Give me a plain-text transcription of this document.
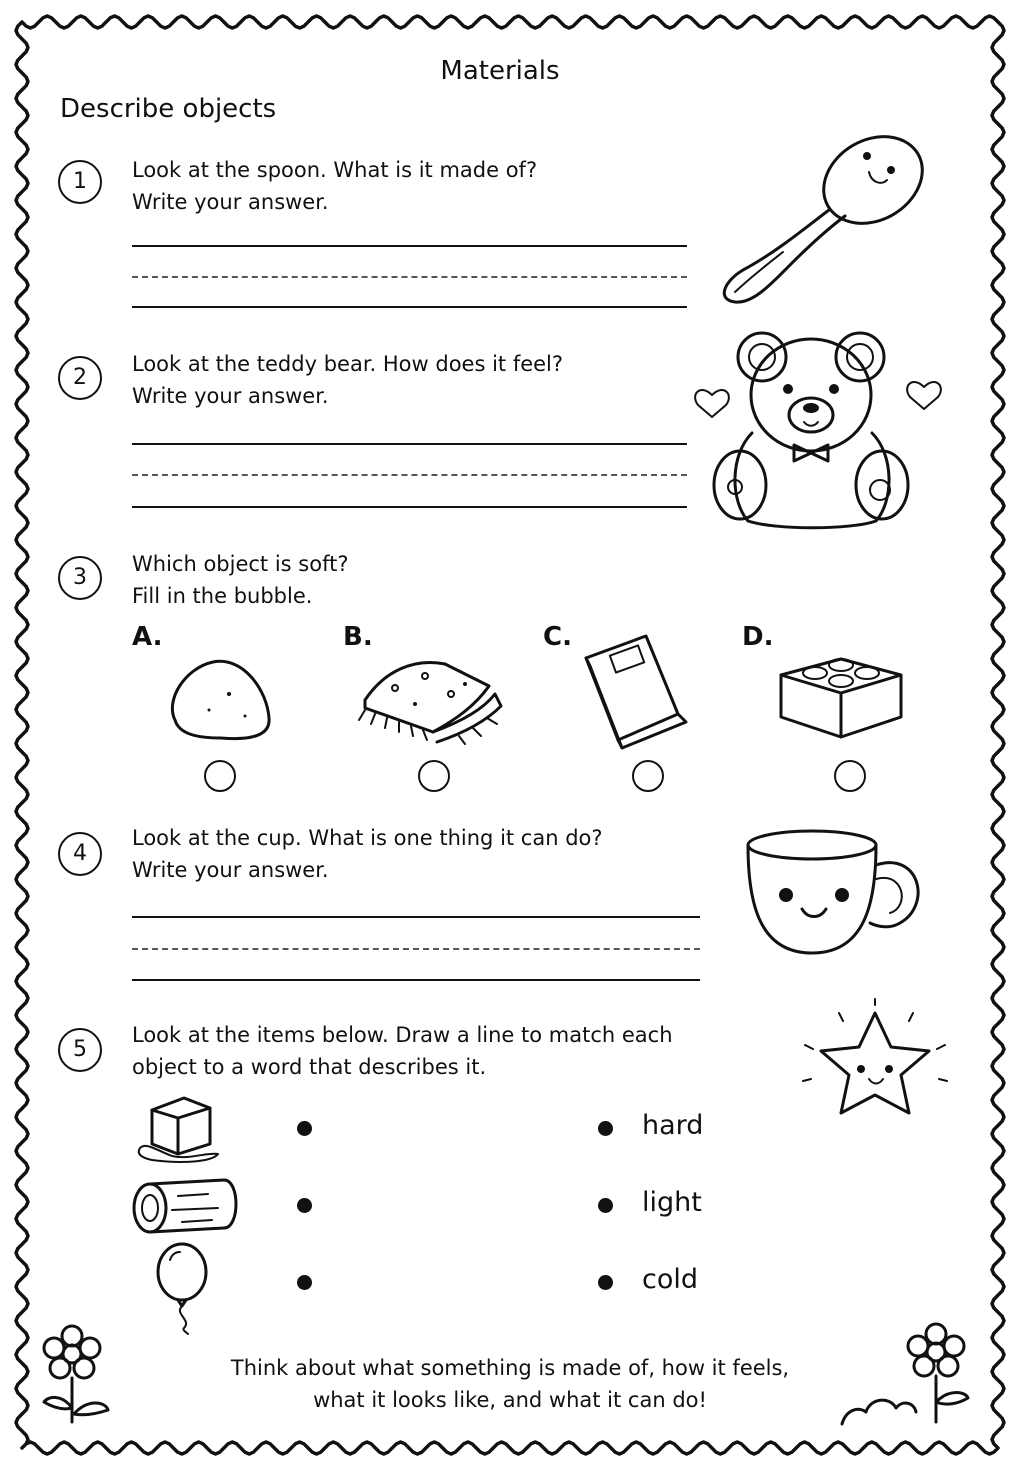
Materials
Describe objects
1	Look at the spoon. What is it made of?
Write your answer.
2
Look at the teddy bear. How does it feel?
Write your answer.
3
Which object is soft?
Fill in the bubble.
A.	B.	C.	D.
4
Look at the cup. What is one thing it can do?
Write your answer.
5
Look at the items below. Draw a line to match each
object to a word that describes it.
hard
light
cold
Think about what something is made of, how it feels,
what it looks like, and what it can do!
